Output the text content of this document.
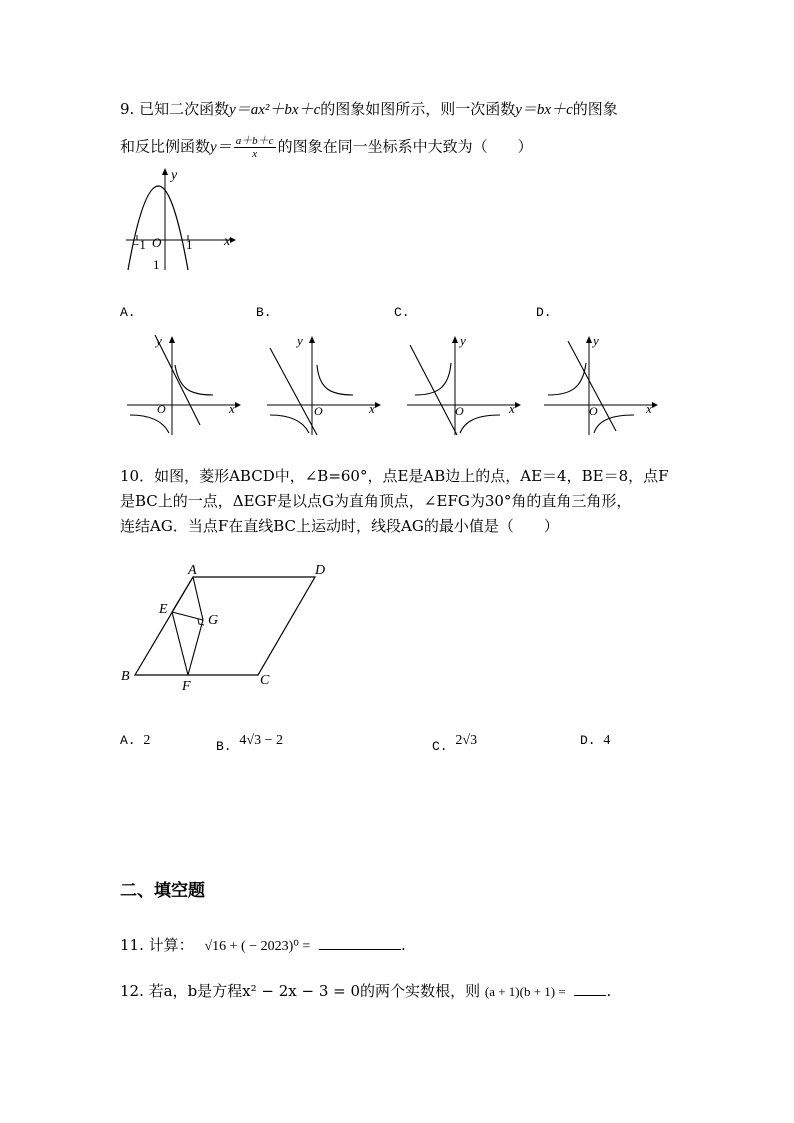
9. 已知二次函数y＝ax²＋bx＋c的图象如图所示，则一次函数y＝bx＋c的图象
和反比例函数$y= \frac{a+b+c}{x}$ 的图象在同一坐标系中大致为（　　）
y
x
O
−1	1
1
A.	B.	C.	D.
y
x
O
y
x
O
y
x
O
y
x
O
10．如图，菱形ABCD中，∠B=60°，点E是AB边上的点，AE＝4，BE＝8，点F
是BC上的一点，ΔEGF是以点G为直角顶点，∠EFG为30°角的直角三角形，
连结AG．当点F在直线BC上运动时，线段AG的最小值是（　　）
A	D
B	C
E
F
G
A. 2	B. 4√3 − 2	C. 2√3	D. 4
二、填空题
11. 计算： √16 + ( − 2023)⁰ =	.
12. 若a，b是方程x² − 2x − 3 = 0的两个实数根，则 (a + 1)(b + 1) =	.
